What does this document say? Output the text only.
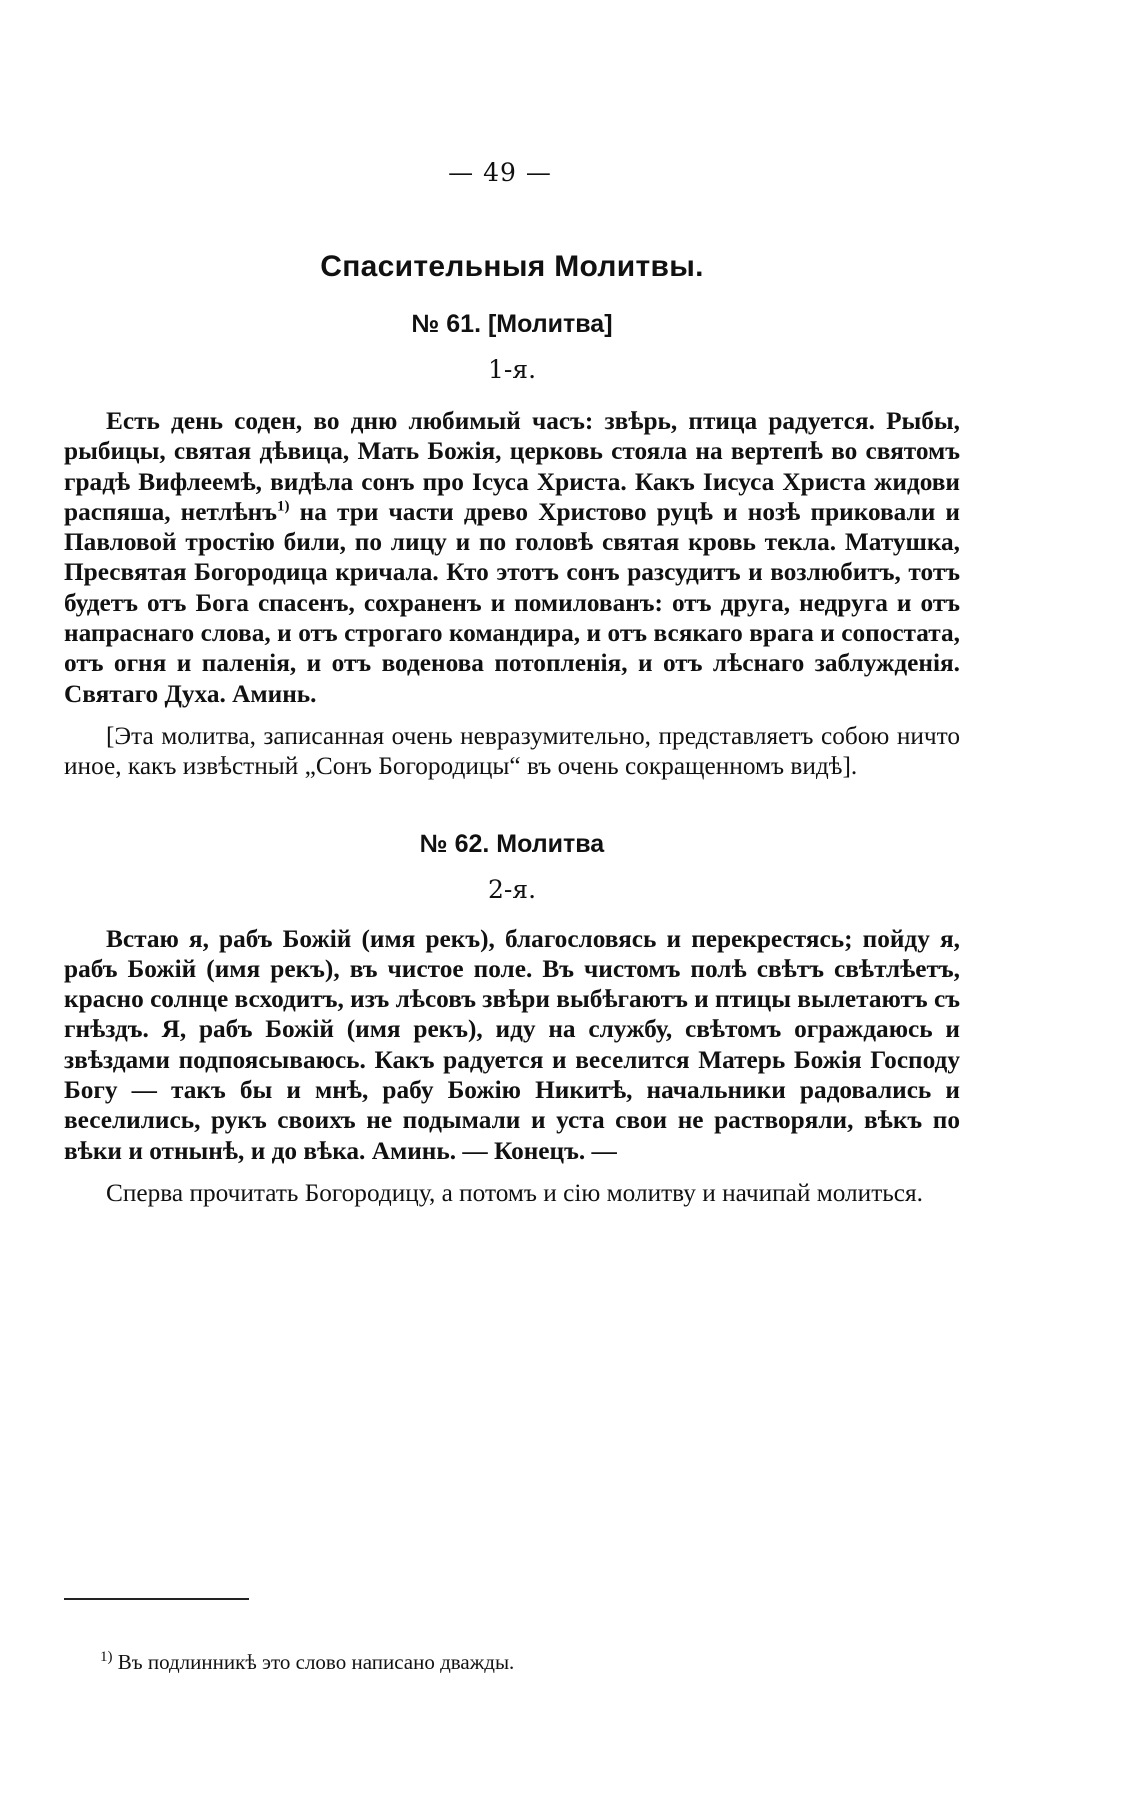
— 49 —
Спасительныя Молитвы.
№ 61. [Молитва]
1-я.

Есть день соден, во дню любимый часъ: звѣрь, птица радуется. Рыбы, рыбицы, святая дѣвица, Мать Божiя, церковь стояла на вертепѣ во святомъ градѣ Вифлеемѣ, видѣла сонъ про Iсуса Христа. Какъ Iисуса Христа жидови распяша, нетлѣнъ$^{1)}$ на три части древо Христово руцѣ и нозѣ приковали и Павловой тростiю били, по лицу и по головѣ святая кровь текла. Матушка, Пресвятая Богородица кричала. Кто этотъ сонъ разсудитъ и возлюбитъ, тотъ будетъ отъ Бога спасенъ, сохраненъ и помилованъ: отъ друга, недруга и отъ напраснаго слова, и отъ строгаго командира, и отъ всякаго врага и сопостата, отъ огня и паленiя, и отъ воденова потопленiя, и отъ лѣснаго заблужденiя. Святаго Духа. Аминь.

[Эта молитва, записанная очень невразумительно, представляетъ собою ничто иное, какъ извѣстный „Сонъ Богородицы“ въ очень сокращенномъ видѣ].

№ 62. Молитва
2-я.

Встаю я, рабъ Божiй (имя рекъ), благословясь и перекрестясь; пойду я, рабъ Божiй (имя рекъ), въ чистое поле. Въ чистомъ полѣ свѣтъ свѣтлѣетъ, красно солнце всходитъ, изъ лѣсовъ звѣри выбѣгаютъ и птицы вылетаютъ съ гнѣздъ. Я, рабъ Божiй (имя рекъ), иду на службу, свѣтомъ ограждаюсь и звѣздами подпоясываюсь. Какъ радуется и веселится Матерь Божiя Господу Богу — такъ бы и мнѣ, рабу Божiю Никитѣ, начальники радовались и веселились, рукъ своихъ не подымали и уста свои не растворяли, вѣкъ по вѣки и отнынѣ, и до вѣка. Аминь. — Конецъ. —

Сперва прочитать Богородицу, а потомъ и сiю молитву и начипай молиться.

$^{1)}$ Въ подлинникѣ это слово написано дважды.
